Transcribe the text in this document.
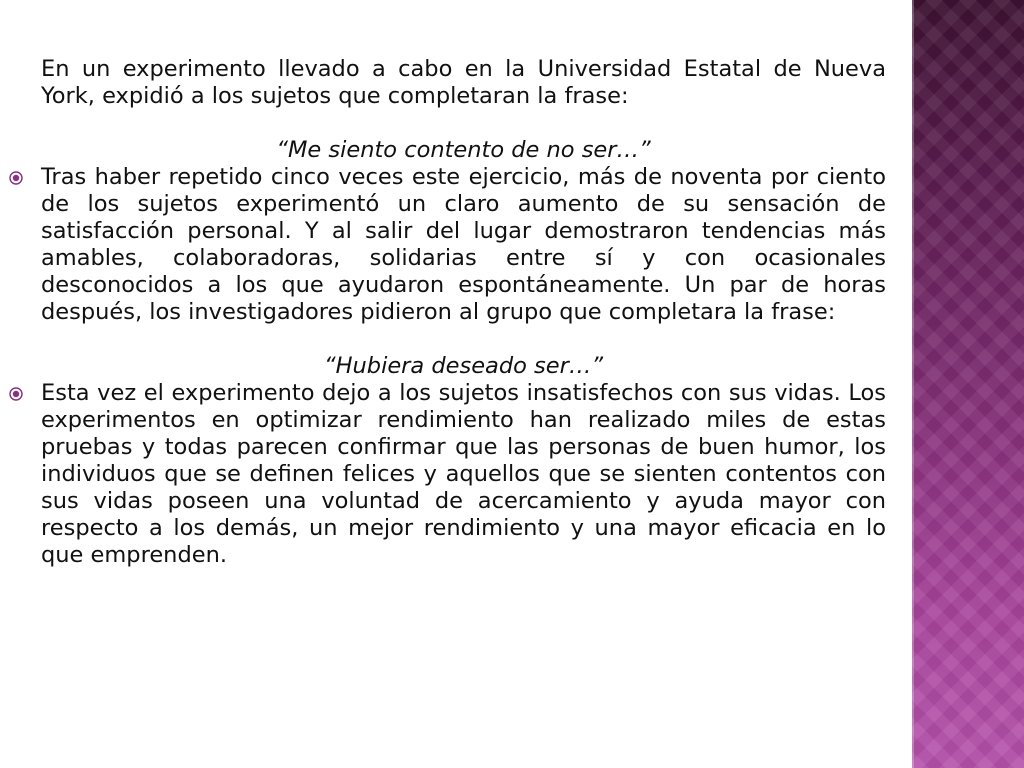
En un experimento llevado a cabo en la Universidad Estatal de Nueva York, expidió a los sujetos que completaran la frase:

“Me siento contento de no ser…”

Tras haber repetido cinco veces este ejercicio, más de noventa por ciento de los sujetos experimentó un claro aumento de su sensación de satisfacción personal. Y al salir del lugar demostraron tendencias más amables, colaboradoras, solidarias entre sí y con ocasionales desconocidos a los que ayudaron espontáneamente. Un par de horas después, los investigadores pidieron al grupo que completara la frase:

“Hubiera deseado ser…”

Esta vez el experimento dejo a los sujetos insatisfechos con sus vidas. Los experimentos en optimizar rendimiento han realizado miles de estas pruebas y todas parecen confirmar que las personas de buen humor, los individuos que se definen felices y aquellos que se sienten contentos con sus vidas poseen una voluntad de acercamiento y ayuda mayor con respecto a los demás, un mejor rendimiento y una mayor eficacia en lo que emprenden.
